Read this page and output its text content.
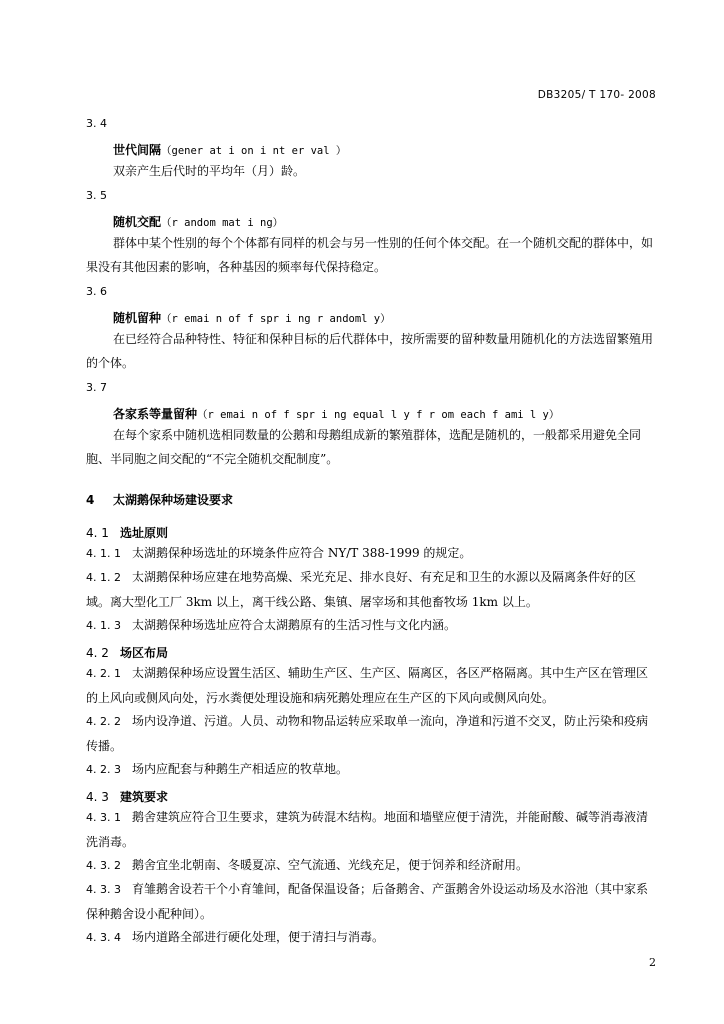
DB3205/ T 170- 2008
3. 4
世代间隔（gener at i on i nt er val ）
双亲产生后代时的平均年（月）龄。
3. 5
随机交配（r andom mat i ng）
群体中某个性别的每个个体都有同样的机会与另一性别的任何个体交配。在一个随机交配的群体中，如果没有其他因素的影响，各种基因的频率每代保持稳定。
3. 6
随机留种（r emai n of f spr i ng r andoml y）
在已经符合品种特性、特征和保种目标的后代群体中，按所需要的留种数量用随机化的方法选留繁殖用的个体。
3. 7
各家系等量留种（r emai n of f spr i ng equal l y f r om each f ami l y）
在每个家系中随机选相同数量的公鹅和母鹅组成新的繁殖群体，选配是随机的，一般都采用避免全同胞、半同胞之间交配的“不完全随机交配制度”。
4 太湖鹅保种场建设要求
4. 1 选址原则
4. 1. 1 太湖鹅保种场选址的环境条件应符合 NY/T 388-1999 的规定。
4. 1. 2 太湖鹅保种场应建在地势高燥、采光充足、排水良好、有充足和卫生的水源以及隔离条件好的区域。离大型化工厂 3km 以上，离干线公路、集镇、屠宰场和其他畜牧场 1km 以上。
4. 1. 3 太湖鹅保种场选址应符合太湖鹅原有的生活习性与文化内涵。
4. 2 场区布局
4. 2. 1 太湖鹅保种场应设置生活区、辅助生产区、生产区、隔离区，各区严格隔离。其中生产区在管理区的上风向或侧风向处，污水粪便处理设施和病死鹅处理应在生产区的下风向或侧风向处。
4. 2. 2 场内设净道、污道。人员、动物和物品运转应采取单一流向，净道和污道不交叉，防止污染和疫病传播。
4. 2. 3 场内应配套与种鹅生产相适应的牧草地。
4. 3 建筑要求
4. 3. 1 鹅舍建筑应符合卫生要求，建筑为砖混木结构。地面和墙壁应便于清洗，并能耐酸、碱等消毒液清洗消毒。
4. 3. 2 鹅舍宜坐北朝南、冬暖夏凉、空气流通、光线充足，便于饲养和经济耐用。
4. 3. 3 育雏鹅舍设若干个小育雏间，配备保温设备；后备鹅舍、产蛋鹅舍外设运动场及水浴池（其中家系保种鹅舍设小配种间）。
4. 3. 4 场内道路全部进行硬化处理，便于清扫与消毒。
2
